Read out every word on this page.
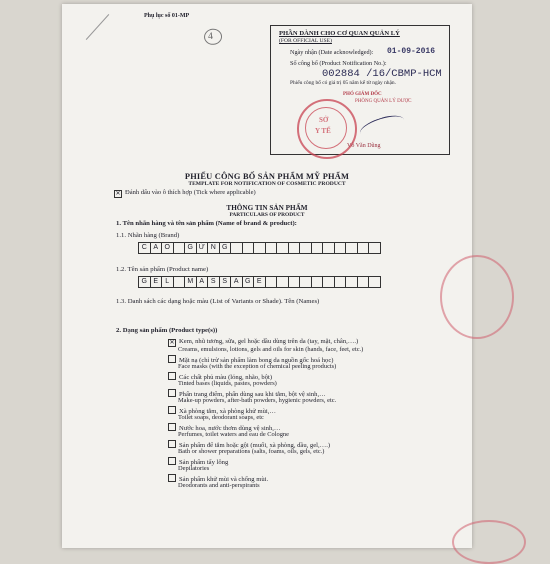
Phụ lục số 01-MP
4	PHẦN DÀNH CHO CƠ QUAN QUẢN LÝ
(FOR OFFICIAL USE)
Ngày nhận (Date acknowledged): 01-09-2016
Số công bố (Product Notification No.):
002884 /16/CBMP-HCM
Phiếu công bố có giá trị 05 năm kể từ ngày nhận.
PHÓ GIÁM ĐỐC
PHÒNG QUẢN LÝ DƯỢC
SỞ
Y TẾ
Võ Văn Dũng
PHIẾU CÔNG BỐ SẢN PHẨM MỸ PHẨM
TEMPLATE FOR NOTIFICATION OF COSMETIC PRODUCT
✕ Đánh dấu vào ô thích hợp (Tick where applicable)
THÔNG TIN SẢN PHẨM
PARTICULARS OF PRODUCT
1. Tên nhãn hàng và tên sản phẩm (Name of brand & product):
1.1. Nhãn hàng (Brand)
C A O	G Ừ N G
1.2. Tên sản phẩm (Product name)
G E	L	M A S S A G E
1.3. Danh sách các dạng hoặc màu (List of Variants or Shade). Tên (Names)
2. Dạng sản phẩm (Product type(s))
✕ Kem, nhũ tương, sữa, gel hoặc dầu dùng trên da (tay, mặt, chân,….)
Creams, emulsions, lotions, gels and oils for skin (hands, face, feet, etc.)
Mặt nạ (chỉ trừ sản phẩm làm bong da nguồn gốc hoá học)
Face masks (with the exception of chemical peeling products)
Các chất phủ màu (lỏng, nhão, bột)
Tinted bases (liquids, pastes, powders)
Phấn trang điểm, phấn dùng sau khi tắm, bột vệ sinh,…
Make-up powders, after-bath powders, hygienic powders, etc.
Xà phòng tắm, xà phòng khử mùi,…
Toilet soaps, deodorant soaps, etc
Nước hoa, nước thơm dùng vệ sinh,…
Perfumes, toilet waters and eau de Cologne
Sản phẩm để tắm hoặc gội (muối, xà phòng, dầu, gel,….)
Bath or shower preparations (salts, foams, oils, gels, etc.)
Sản phẩm tẩy lông
Depilatories
Sản phẩm khử mùi và chống mùi.
Deodorants and anti-perspirants
